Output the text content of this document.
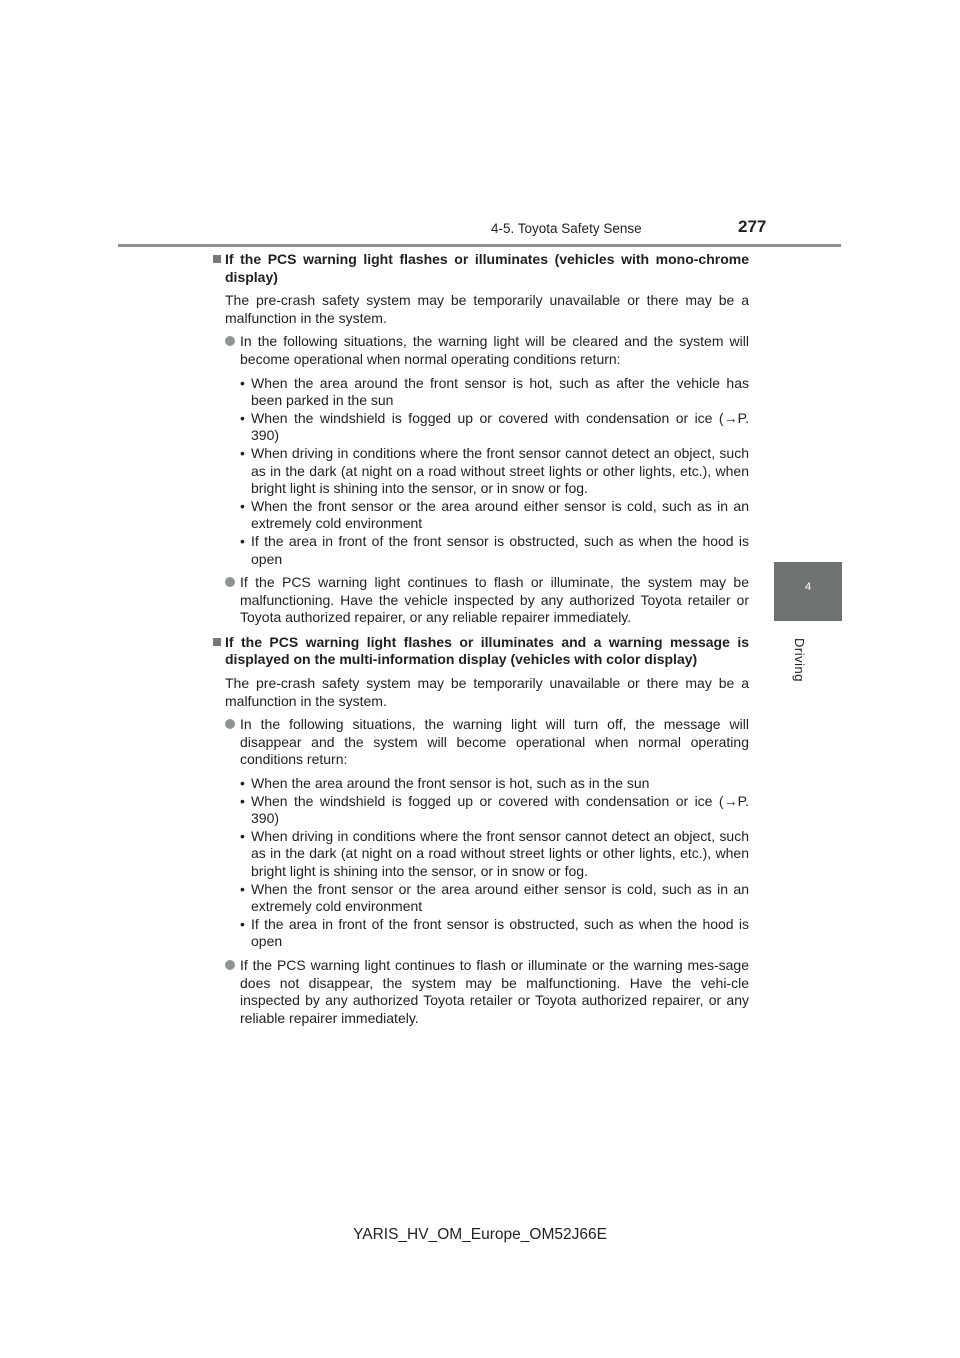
4-5. Toyota Safety Sense	277
4
Driving
If the PCS warning light flashes or illuminates (vehicles with mono-chrome display)
The pre-crash safety system may be temporarily unavailable or there may be a malfunction in the system.
In the following situations, the warning light will be cleared and the system will become operational when normal operating conditions return:
• When the area around the front sensor is hot, such as after the vehicle has been parked in the sun
• When the windshield is fogged up or covered with condensation or ice (→P. 390)
• When driving in conditions where the front sensor cannot detect an object, such as in the dark (at night on a road without street lights or other lights, etc.), when bright light is shining into the sensor, or in snow or fog.
• When the front sensor or the area around either sensor is cold, such as in an extremely cold environment
• If the area in front of the front sensor is obstructed, such as when the hood is open
If the PCS warning light continues to flash or illuminate, the system may be malfunctioning. Have the vehicle inspected by any authorized Toyota retailer or Toyota authorized repairer, or any reliable repairer immediately.
If the PCS warning light flashes or illuminates and a warning message is displayed on the multi-information display (vehicles with color display)
The pre-crash safety system may be temporarily unavailable or there may be a malfunction in the system.
In the following situations, the warning light will turn off, the message will disappear and the system will become operational when normal operating conditions return:
• When the area around the front sensor is hot, such as in the sun
• When the windshield is fogged up or covered with condensation or ice (→P. 390)
• When driving in conditions where the front sensor cannot detect an object, such as in the dark (at night on a road without street lights or other lights, etc.), when bright light is shining into the sensor, or in snow or fog.
• When the front sensor or the area around either sensor is cold, such as in an extremely cold environment
• If the area in front of the front sensor is obstructed, such as when the hood is open
If the PCS warning light continues to flash or illuminate or the warning mes-sage does not disappear, the system may be malfunctioning. Have the vehi-cle inspected by any authorized Toyota retailer or Toyota authorized repairer, or any reliable repairer immediately.
YARIS_HV_OM_Europe_OM52J66E
